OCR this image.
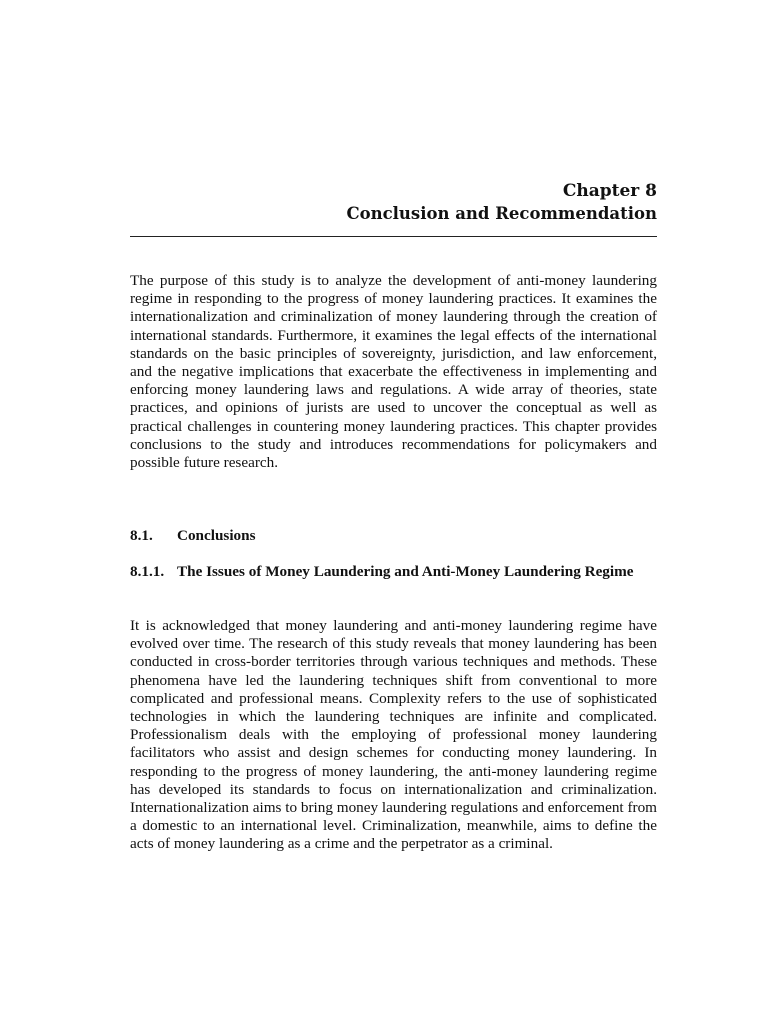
Chapter 8
Conclusion and Recommendation

The purpose of this study is to analyze the development of anti-money laundering regime in responding to the progress of money laundering practices. It examines the internationalization and criminalization of money laundering through the creation of international standards. Furthermore, it examines the legal effects of the international standards on the basic principles of sovereignty, jurisdiction, and law enforcement, and the negative implications that exacerbate the effectiveness in implementing and enforcing money laundering laws and regulations. A wide array of theories, state practices, and opinions of jurists are used to uncover the conceptual as well as practical challenges in countering money laundering practices. This chapter provides conclusions to the study and introduces recommendations for policymakers and possible future research.

8.1.	Conclusions
8.1.1. The Issues of Money Laundering and Anti-Money Laundering Regime

It is acknowledged that money laundering and anti-money laundering regime have evolved over time. The research of this study reveals that money laundering has been conducted in cross-border territories through various techniques and methods. These phenomena have led the laundering techniques shift from conventional to more complicated and professional means. Complexity refers to the use of sophisticated technologies in which the laundering techniques are infinite and complicated. Professionalism deals with the employing of professional money laundering facilitators who assist and design schemes for conducting money laundering. In responding to the progress of money laundering, the anti-money laundering regime has developed its standards to focus on internationalization and criminalization. Internationalization aims to bring money laundering regulations and enforcement from a domestic to an international level. Criminalization, meanwhile, aims to define the acts of money laundering as a crime and the perpetrator as a criminal.
